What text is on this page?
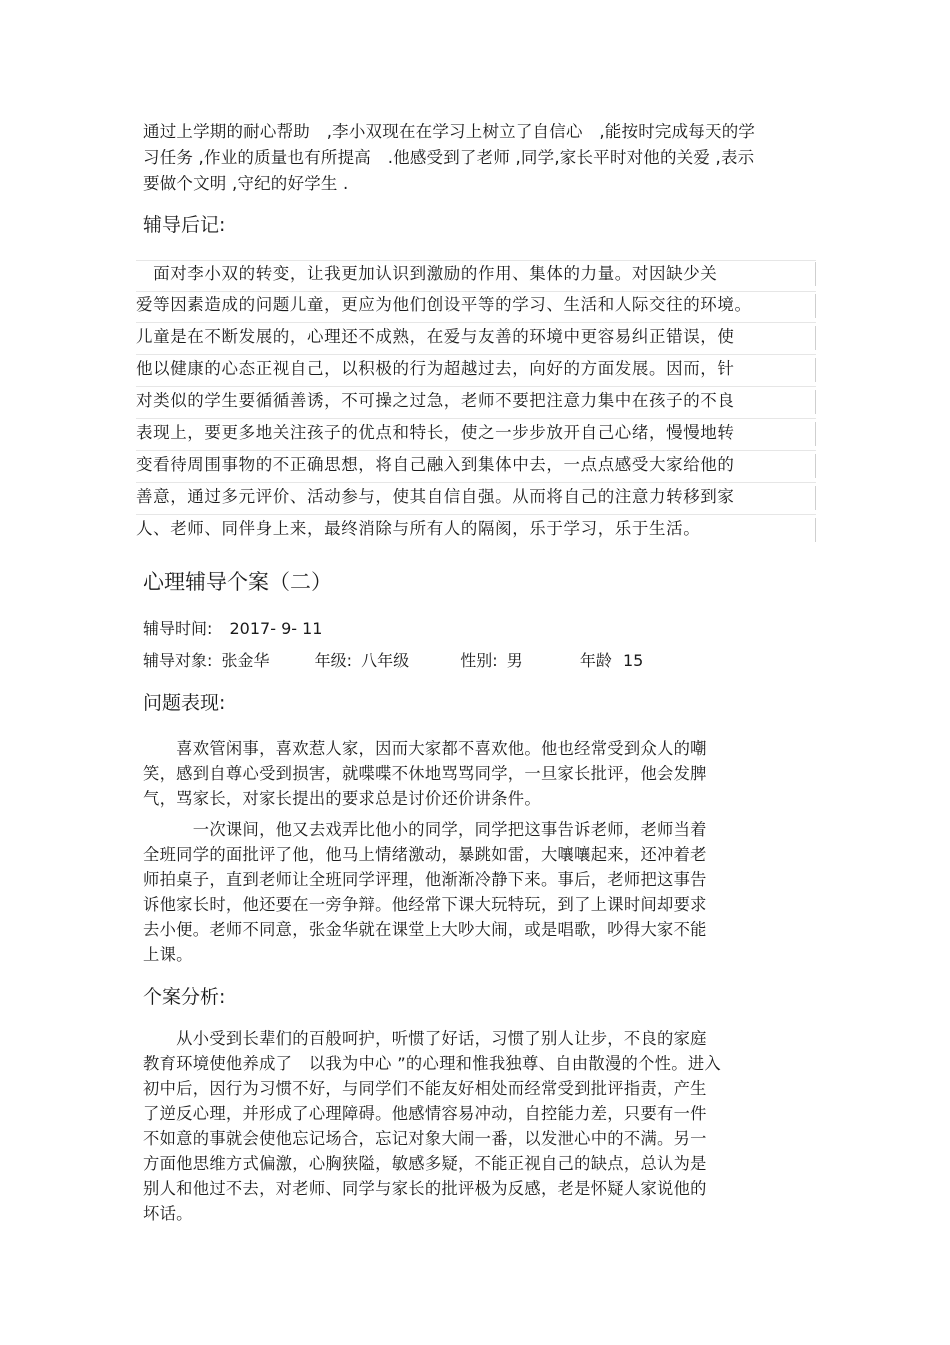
通过上学期的耐心帮助　,李小双现在在学习上树立了自信心　,能按时完成每天的学
习任务 ,作业的质量也有所提高　.他感受到了老师 ,同学,家长平时对他的关爱 ,表示
要做个文明 ,守纪的好学生 .
辅导后记:
　面对李小双的转变，让我更加认识到激励的作用、集体的力量。对因缺少关
爱等因素造成的问题儿童，更应为他们创设平等的学习、生活和人际交往的环境。
儿童是在不断发展的，心理还不成熟，在爱与友善的环境中更容易纠正错误，使
他以健康的心态正视自己，以积极的行为超越过去，向好的方面发展。因而，针
对类似的学生要循循善诱，不可操之过急，老师不要把注意力集中在孩子的不良
表现上，要更多地关注孩子的优点和特长，使之一步步放开自己心绪，慢慢地转
变看待周围事物的不正确思想，将自己融入到集体中去，一点点感受大家给他的
善意，通过多元评价、活动参与，使其自信自强。从而将自己的注意力转移到家
人、老师、同伴身上来，最终消除与所有人的隔阂，乐于学习，乐于生活。
心理辅导个案（二）
辅导时间: 2017- 9- 11
辅导对象: 张金华	年级: 八年级	性别: 男	年龄 15
问题表现:
　　喜欢管闲事，喜欢惹人家，因而大家都不喜欢他。他也经常受到众人的嘲
笑，感到自尊心受到损害，就喋喋不休地骂骂同学，一旦家长批评，他会发脾
气，骂家长，对家长提出的要求总是讨价还价讲条件。
　　　一次课间，他又去戏弄比他小的同学，同学把这事告诉老师，老师当着
全班同学的面批评了他，他马上情绪激动，暴跳如雷，大嚷嚷起来，还冲着老
师拍桌子，直到老师让全班同学评理，他渐渐冷静下来。事后，老师把这事告
诉他家长时，他还要在一旁争辩。他经常下课大玩特玩，到了上课时间却要求
去小便。老师不同意，张金华就在课堂上大吵大闹，或是唱歌，吵得大家不能
上课。
个案分析:
　　从小受到长辈们的百般呵护，听惯了好话，习惯了别人让步，不良的家庭
教育环境使他养成了　以我为中心 ”的心理和惟我独尊、自由散漫的个性。进入
初中后，因行为习惯不好，与同学们不能友好相处而经常受到批评指责，产生
了逆反心理，并形成了心理障碍。他感情容易冲动，自控能力差，只要有一件
不如意的事就会使他忘记场合，忘记对象大闹一番，以发泄心中的不满。另一
方面他思维方式偏激，心胸狭隘，敏感多疑，不能正视自己的缺点，总认为是
别人和他过不去，对老师、同学与家长的批评极为反感，老是怀疑人家说他的
坏话。
